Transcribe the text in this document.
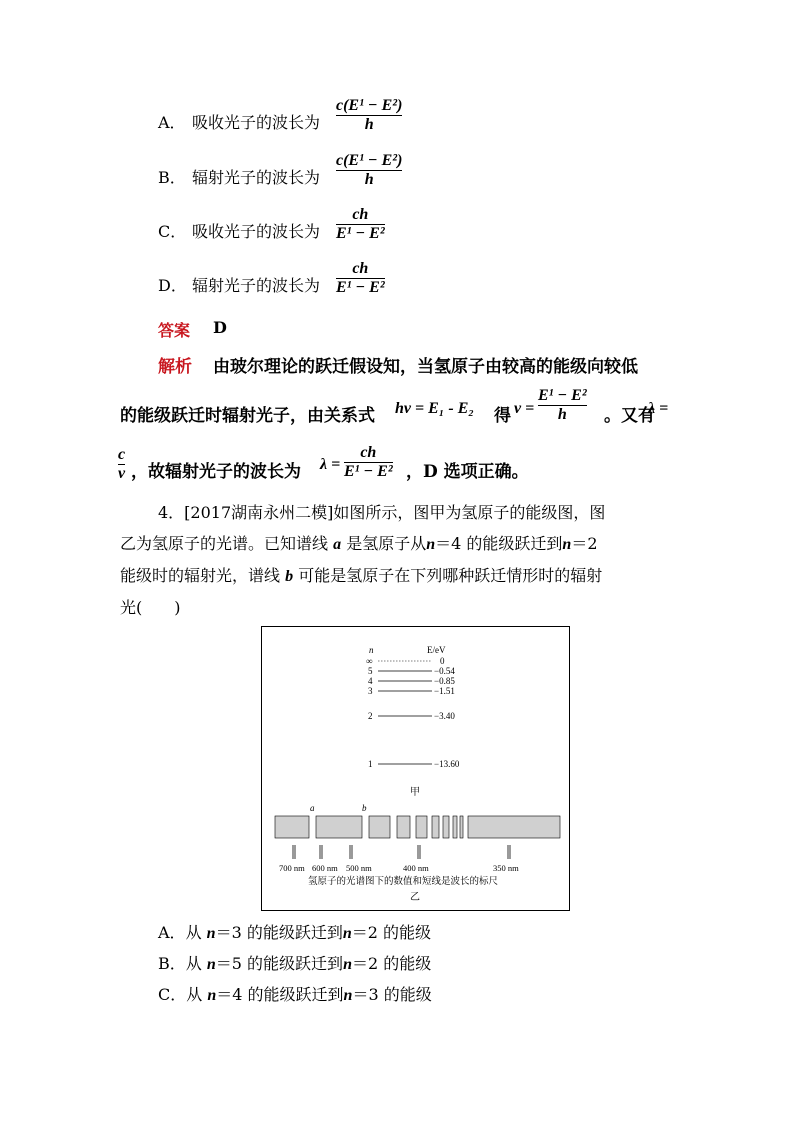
A． 吸收光子的波长为
c(E¹ − E²)
h
B． 辐射光子的波长为
c(E¹ − E²)
h
C． 吸收光子的波长为
ch
E¹ − E²
D． 辐射光子的波长为
ch
E¹ − E²
答案 D
解析 由玻尔理论的跃迁假设知，当氢原子由较高的能级向较低
的能级跃迁时辐射光子，由关系式 hν = E₁ - E₂ 得 ν =
E¹ − E²
h	。又有
λ =
c
ν ，故辐射光子的波长为 λ =
ch
E¹ − E² ，D 选项正确。
4．[2017湖南永州二模]如图所示，图甲为氢原子的能级图，图
乙为氢原子的光谱。已知谱线 a 是氢原子从n＝4 的能级跃迁到n＝2
能级时的辐射光，谱线 b 可能是氢原子在下列哪种跃迁情形时的辐射
光(　　)
n	E/eV
∞	0
5	−0.54
4	−0.85
3	−1.51
2	−3.40
1	−13.60
甲
a	b
700 nm 600 nm 500 nm	400 nm	350 nm
氢原子的光谱图下的数值和短线是波长的标尺
乙
A．从 n＝3 的能级跃迁到n＝2 的能级
B．从 n＝5 的能级跃迁到n＝2 的能级
C．从 n＝4 的能级跃迁到n＝3 的能级
